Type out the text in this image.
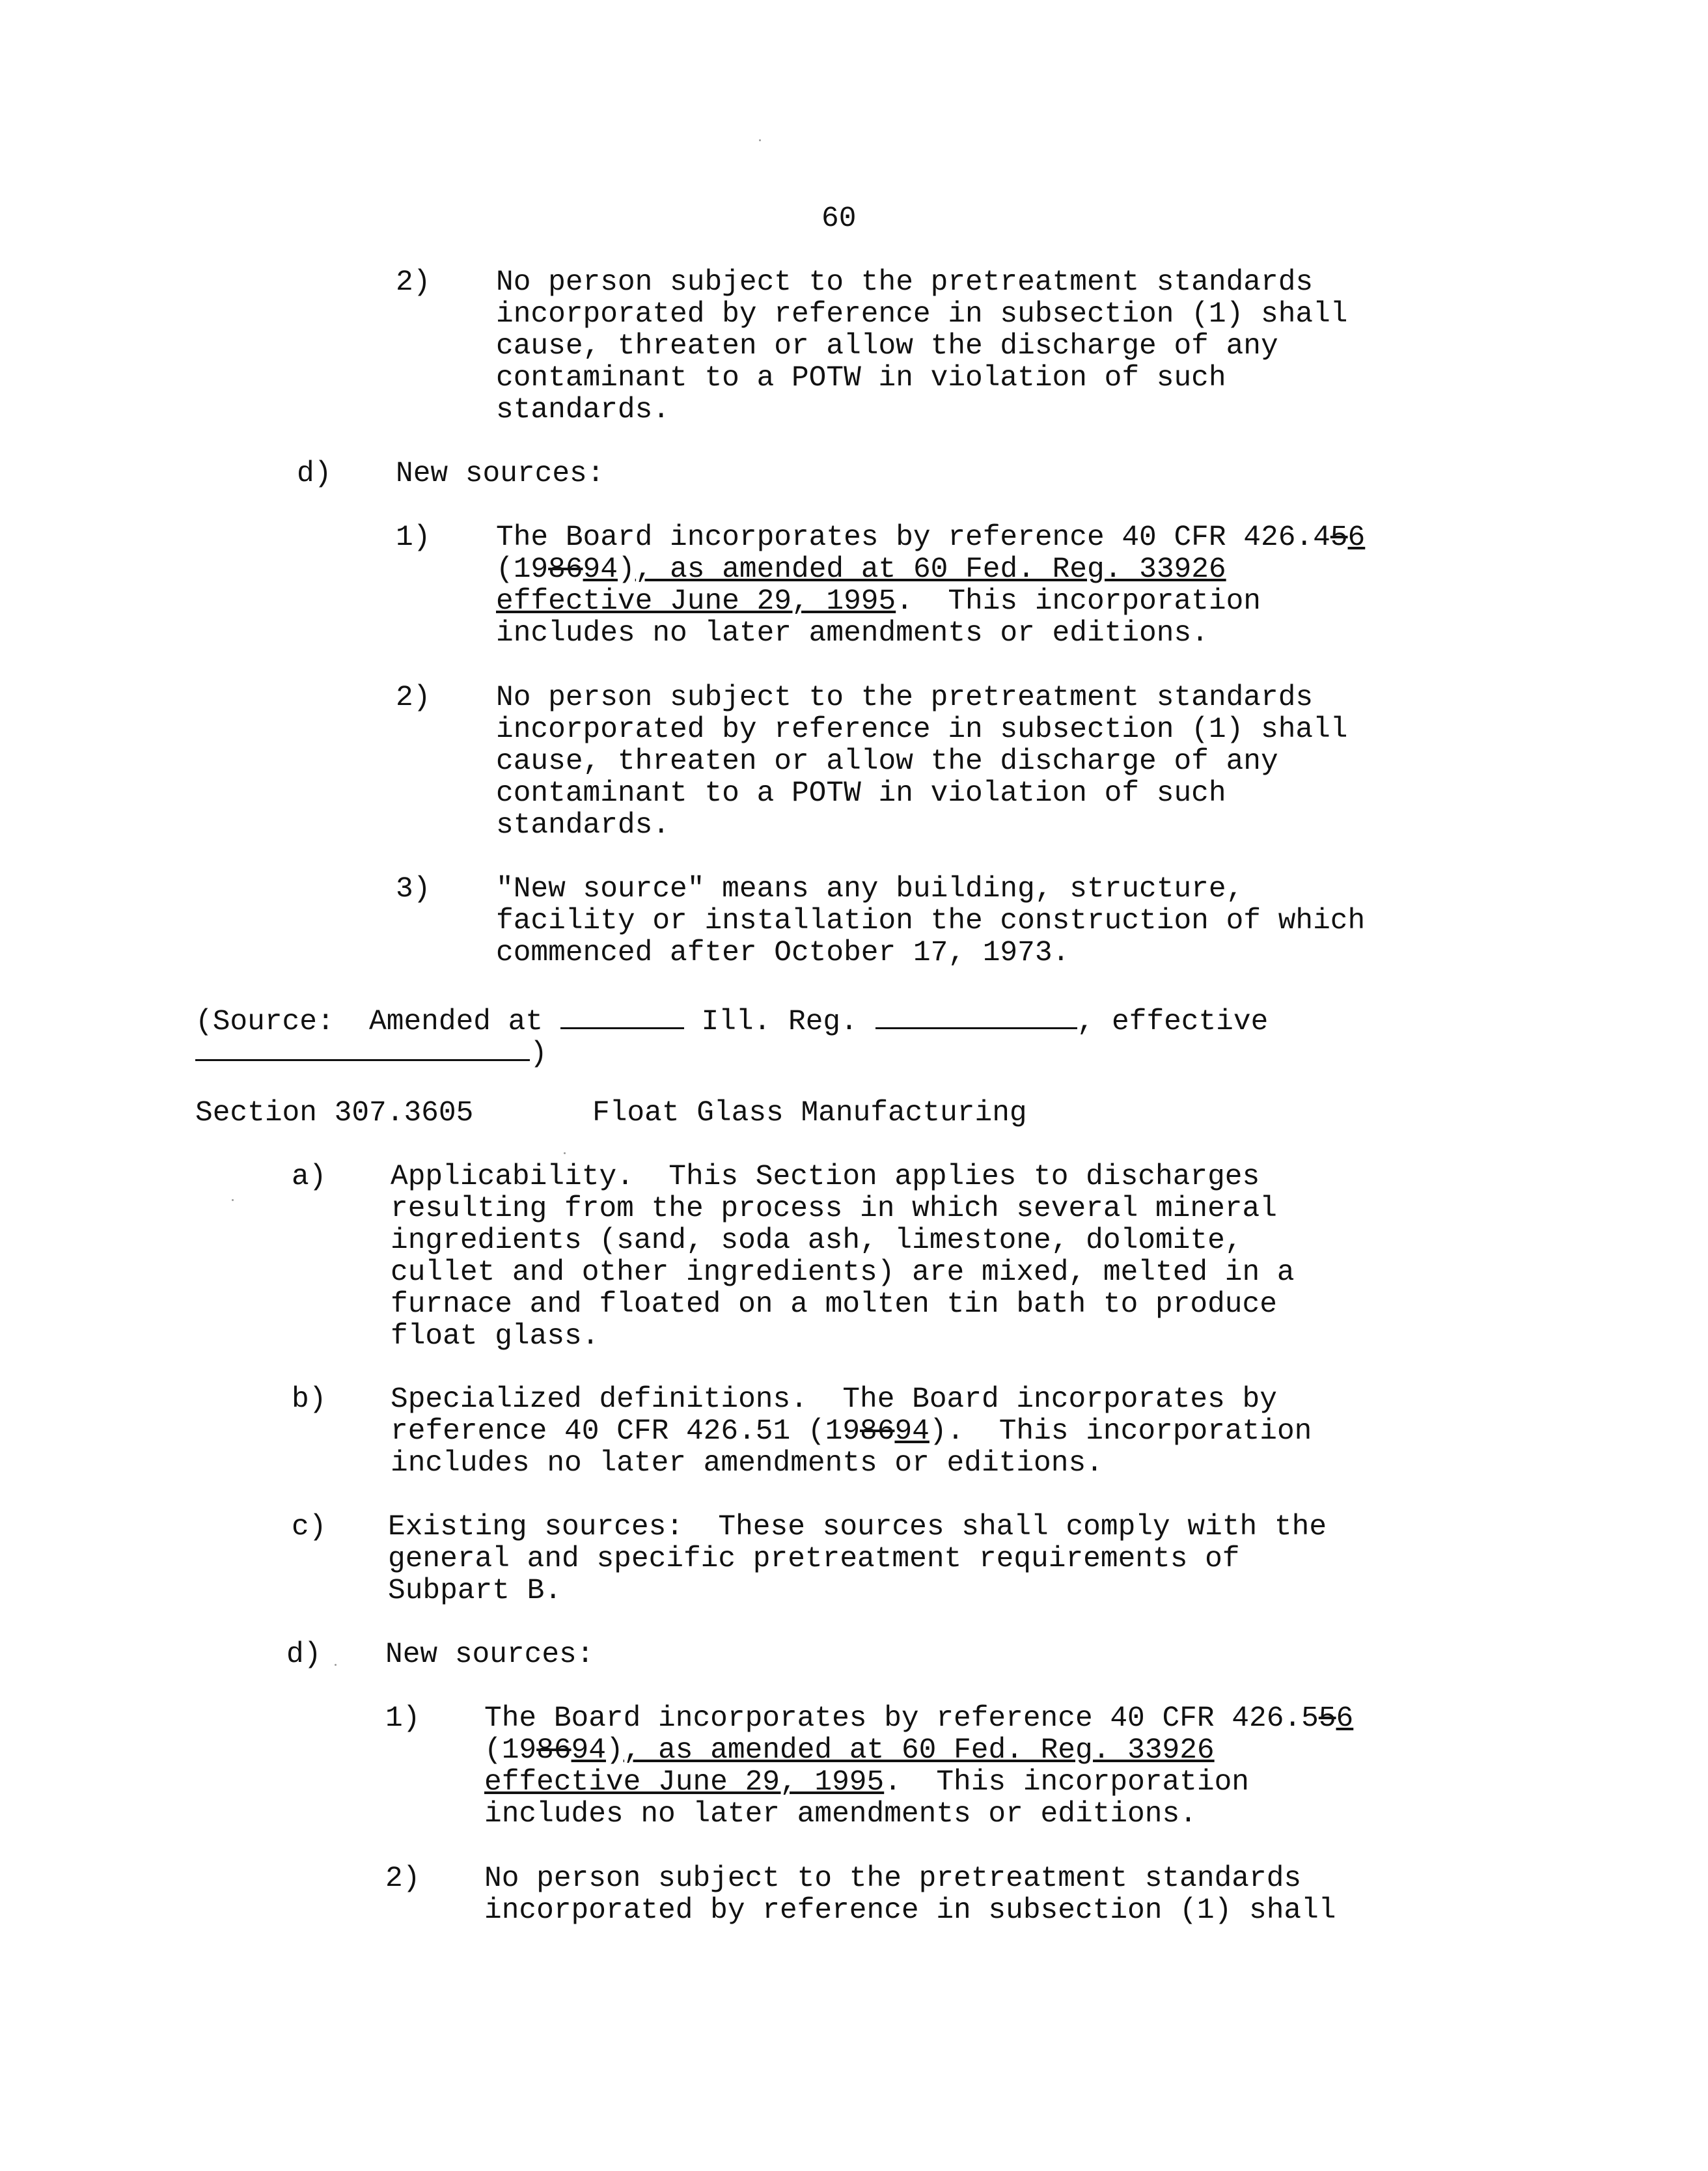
60
2) No person subject to the pretreatment standards
incorporated by reference in subsection (1) shall
cause, threaten or allow the discharge of any
contaminant to a POTW in violation of such
standards.
d) New sources:
1) The Board incorporates by reference 40 CFR 426.456
(198694), as amended at 60 Fed. Reg. 33926
effective June 29, 1995.  This incorporation
includes no later amendments or editions.
2) No person subject to the pretreatment standards
incorporated by reference in subsection (1) shall
cause, threaten or allow the discharge of any
contaminant to a POTW in violation of such
standards.
3) "New source" means any building, structure,
facility or installation the construction of which
commenced after October 17, 1973.
(Source:  Amended at	Ill. Reg.	, effective
)
Section 307.3605	Float Glass Manufacturing
a) Applicability.  This Section applies to discharges
resulting from the process in which several mineral
ingredients (sand, soda ash, limestone, dolomite,
cullet and other ingredients) are mixed, melted in a
furnace and floated on a molten tin bath to produce
float glass.
b) Specialized definitions.  The Board incorporates by
reference 40 CFR 426.51 (198694).  This incorporation
includes no later amendments or editions.
c) Existing sources:  These sources shall comply with the
general and specific pretreatment requirements of
Subpart B.
d) New sources:
1) The Board incorporates by reference 40 CFR 426.556
(198694), as amended at 60 Fed. Reg. 33926
effective June 29, 1995.  This incorporation
includes no later amendments or editions.
2) No person subject to the pretreatment standards
incorporated by reference in subsection (1) shall
